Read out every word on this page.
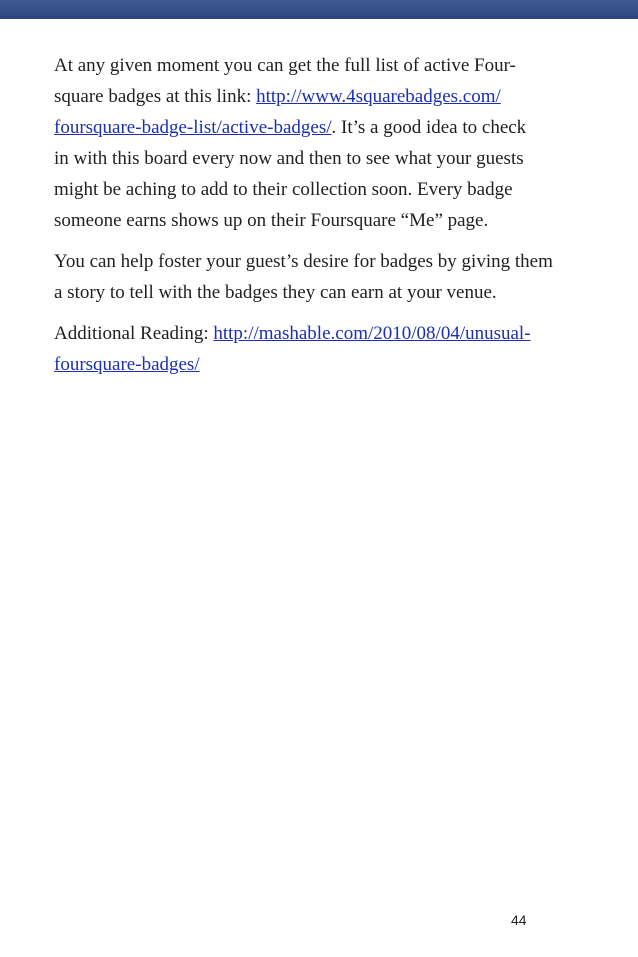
At any given moment you can get the full list of active Four-
square badges at this link: http://www.4squarebadges.com/
foursquare-badge-list/active-badges/. It’s a good idea to check
in with this board every now and then to see what your guests
might be aching to add to their collection soon. Every badge
someone earns shows up on their Foursquare “Me” page.

You can help foster your guest’s desire for badges by giving them
a story to tell with the badges they can earn at your venue.

Additional Reading: http://mashable.com/2010/08/04/unusual-
foursquare-badges/

44
